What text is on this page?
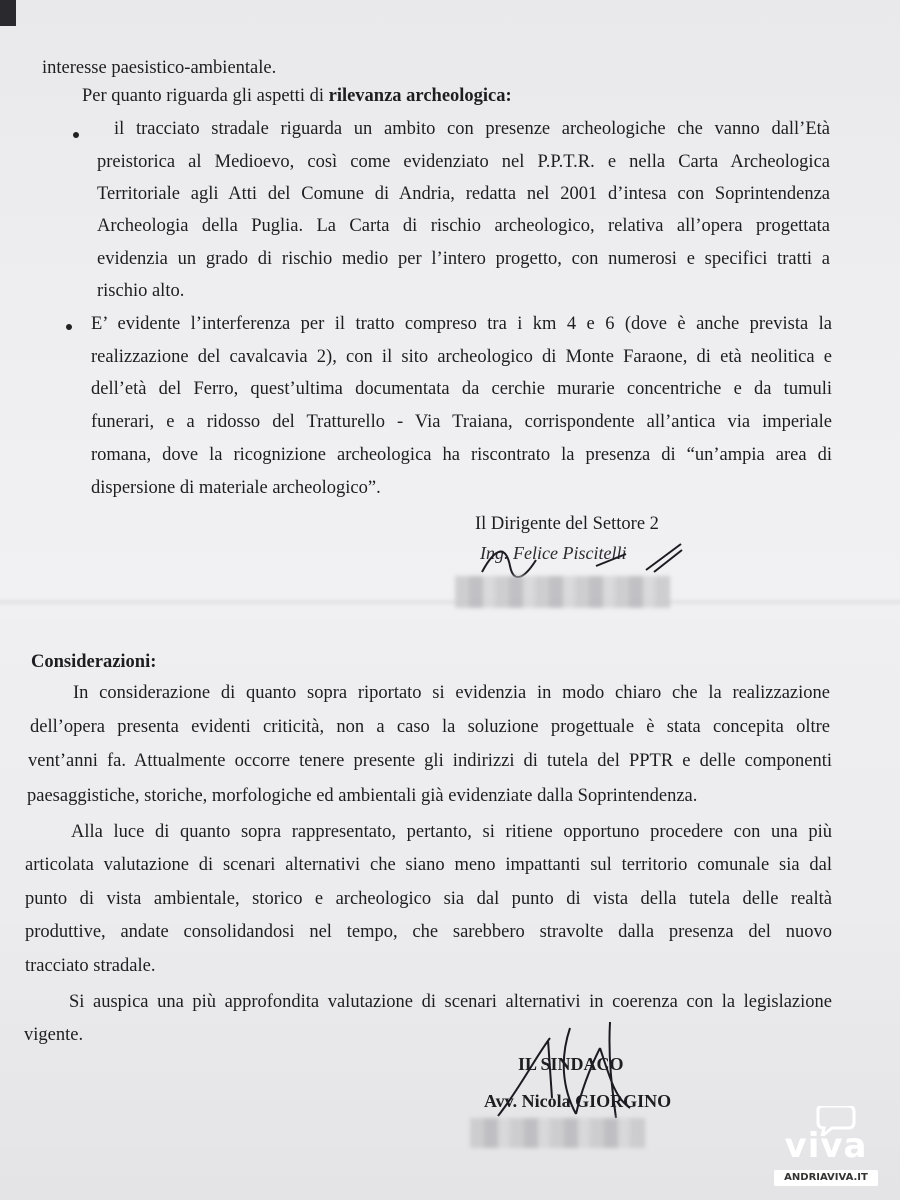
interesse paesistico-ambientale.

Per quanto riguarda gli aspetti di rilevanza archeologica:

il tracciato stradale riguarda un ambito con presenze archeologiche che vanno dall’Età

preistorica al Medioevo, così come evidenziato nel P.P.T.R. e nella Carta Archeologica

Territoriale agli Atti del Comune di Andria, redatta nel 2001 d’intesa con Soprintendenza

Archeologia della Puglia. La Carta di rischio archeologico, relativa all’opera progettata

evidenzia un grado di rischio medio per l’intero progetto, con numerosi e specifici tratti a

rischio alto.

E’ evidente l’interferenza per il tratto compreso tra i km 4 e 6 (dove è anche prevista la

realizzazione del cavalcavia 2), con il sito archeologico di Monte Faraone, di età neolitica e

dell’età del Ferro, quest’ultima documentata da cerchie murarie concentriche e da tumuli

funerari, e a ridosso del Tratturello - Via Traiana, corrispondente all’antica via imperiale

romana, dove la ricognizione archeologica ha riscontrato la presenza di “un’ampia area di

dispersione di materiale archeologico”.

Il Dirigente del Settore 2

Ing. Felice Piscitelli

Considerazioni:

In considerazione di quanto sopra riportato si evidenzia in modo chiaro che la realizzazione

dell’opera presenta evidenti criticità, non a caso la soluzione progettuale è stata concepita oltre

vent’anni fa. Attualmente occorre tenere presente gli indirizzi di tutela del PPTR e delle componenti

paesaggistiche, storiche, morfologiche ed ambientali già evidenziate dalla Soprintendenza.

Alla luce di quanto sopra rappresentato, pertanto, si ritiene opportuno procedere con una più

articolata valutazione di scenari alternativi che siano meno impattanti sul territorio comunale sia dal

punto di vista ambientale, storico e archeologico sia dal punto di vista della tutela delle realtà

produttive, andate consolidandosi nel tempo, che sarebbero stravolte dalla presenza del nuovo

tracciato stradale.

Si auspica una più approfondita valutazione di scenari alternativi in coerenza con la legislazione

vigente.

IL SINDACO
Avv. Nicola GIORGINO
viva
ANDRIAVIVA.IT
